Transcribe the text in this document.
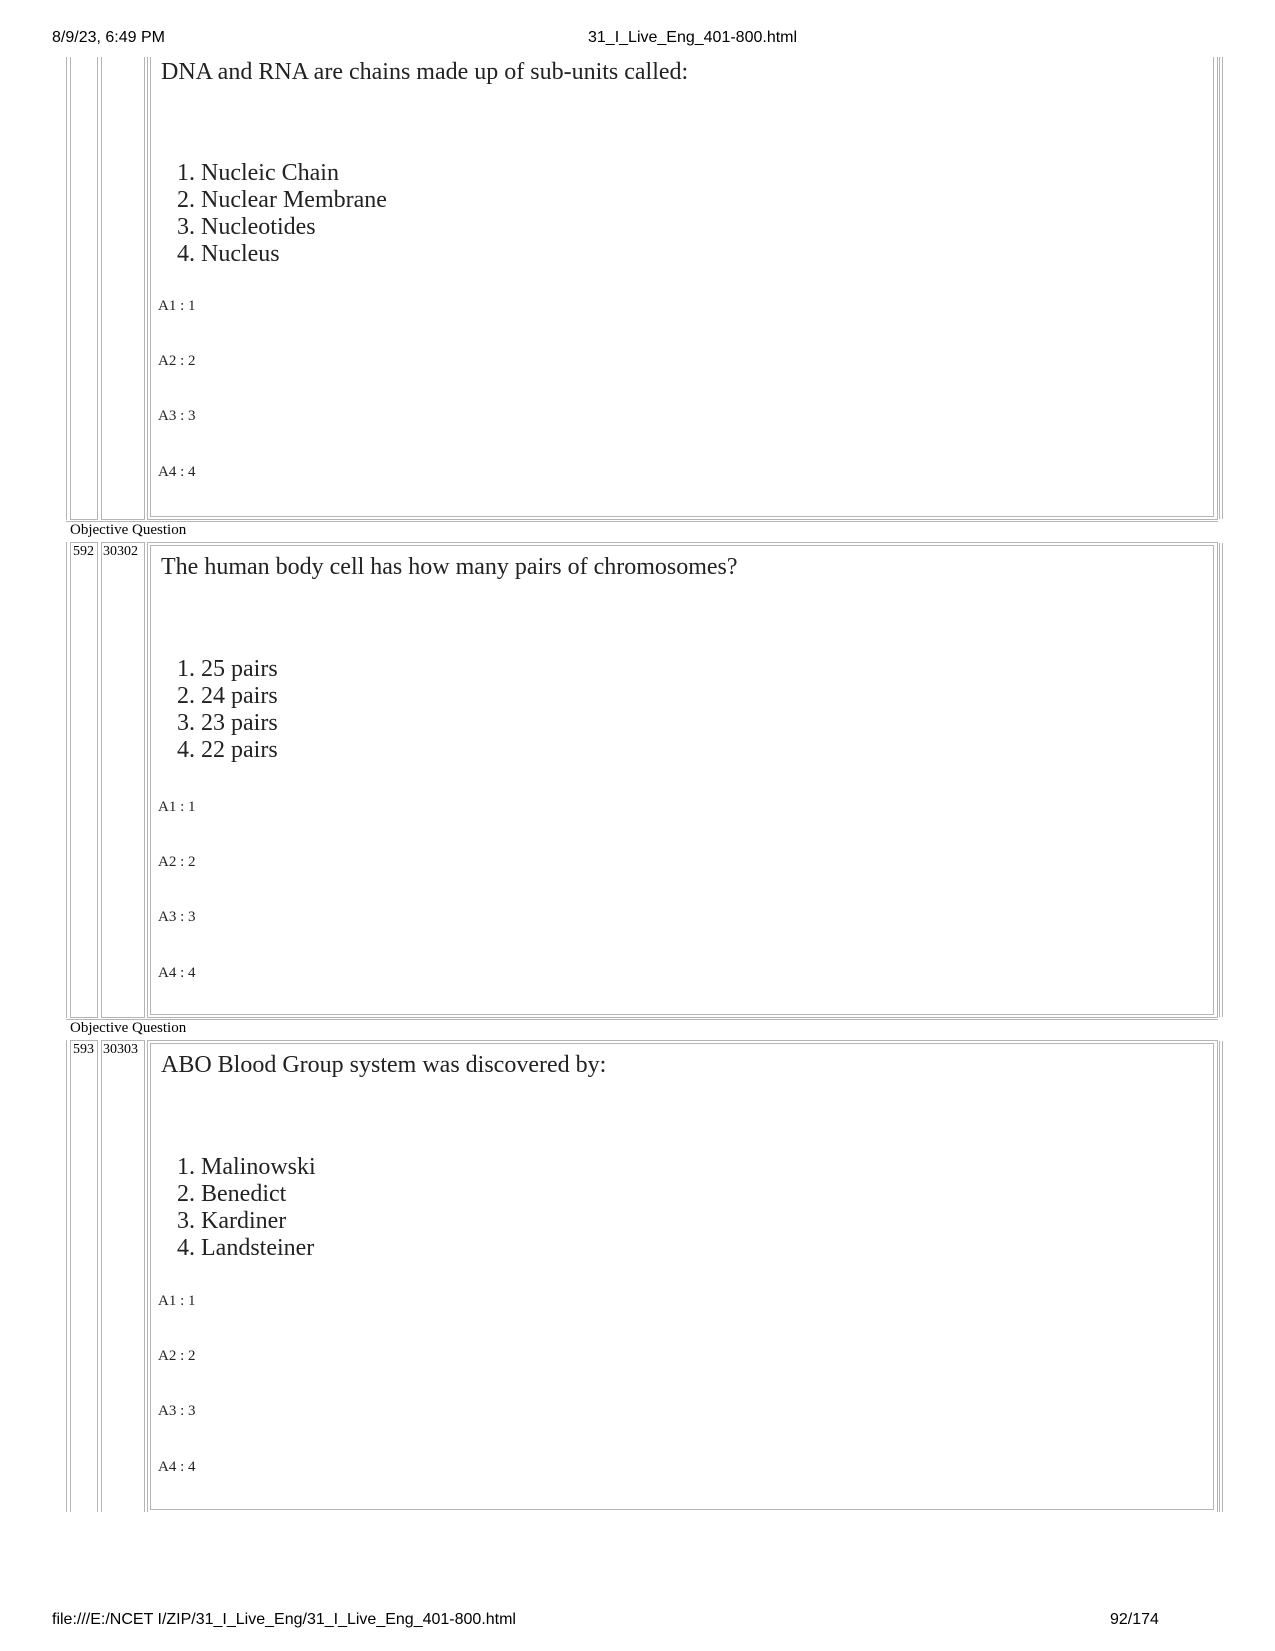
8/9/23, 6:49 PM	31_I_Live_Eng_401-800.html
DNA and RNA are chains made up of sub-units called:
1. Nucleic Chain
2. Nuclear Membrane
3. Nucleotides
4. Nucleus
A1 : 1
A2 : 2
A3 : 3
A4 : 4
Objective Question
592 30302
The human body cell has how many pairs of chromosomes?
1. 25 pairs
2. 24 pairs
3. 23 pairs
4. 22 pairs
A1 : 1
A2 : 2
A3 : 3
A4 : 4
Objective Question
593 30303
ABO Blood Group system was discovered by:
1. Malinowski
2. Benedict
3. Kardiner
4. Landsteiner
A1 : 1
A2 : 2
A3 : 3
A4 : 4
file:///E:/NCET I/ZIP/31_I_Live_Eng/31_I_Live_Eng_401-800.html	92/174
